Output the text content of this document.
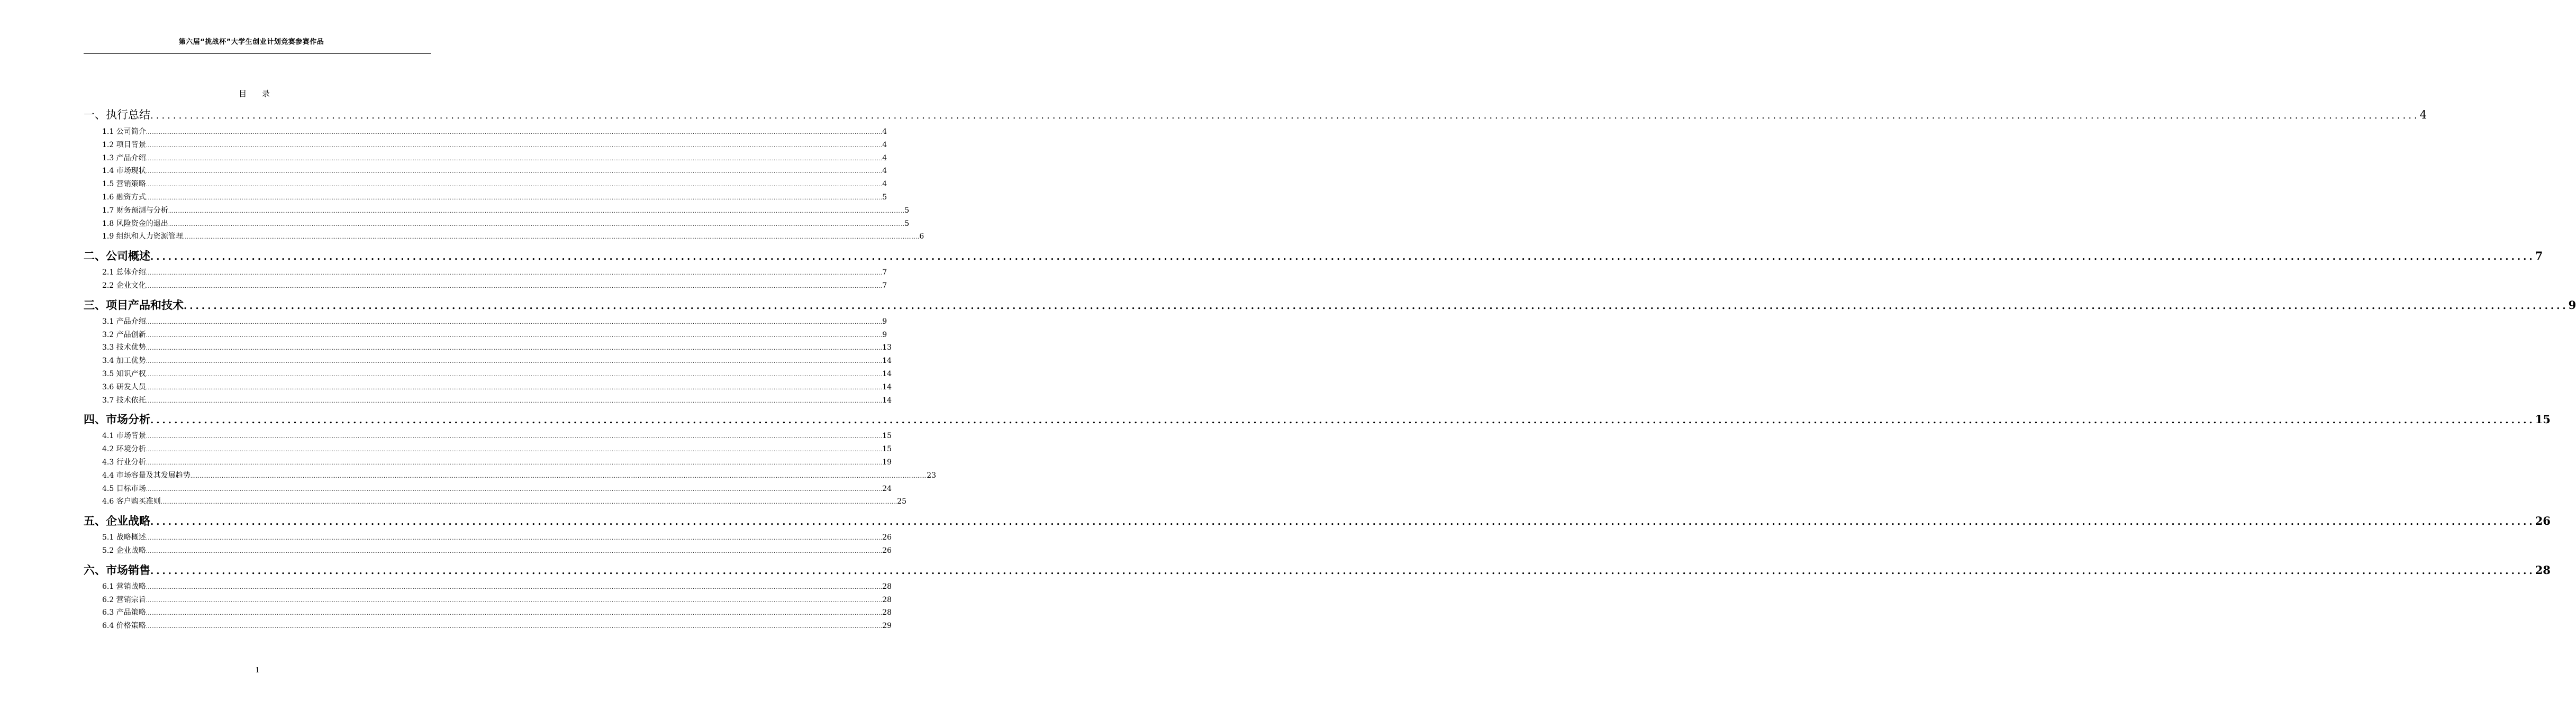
第六届“挑战杯”大学生创业计划竞赛参赛作品
目 录
一、执行总结 ................................................................................................................................................................................................................................................................................................................................................................................................................ 4
1.1 公司简介 ................................................................................................................................................................................................................................................................................................................................................................................................................ 4
1.2 项目背景 ................................................................................................................................................................................................................................................................................................................................................................................................................ 4
1.3 产品介绍 ................................................................................................................................................................................................................................................................................................................................................................................................................ 4
1.4 市场现状 ................................................................................................................................................................................................................................................................................................................................................................................................................ 4
1.5 营销策略 ................................................................................................................................................................................................................................................................................................................................................................................................................ 4
1.6 融资方式 ................................................................................................................................................................................................................................................................................................................................................................................................................ 5
1.7 财务预测与分析 ................................................................................................................................................................................................................................................................................................................................................................................................................ 5
1.8 风险资金的退出 ................................................................................................................................................................................................................................................................................................................................................................................................................ 5
1.9 组织和人力资源管理 ................................................................................................................................................................................................................................................................................................................................................................................................................ 6
二、公司概述 ................................................................................................................................................................................................................................................................................................................................................................................................................ 7
2.1 总体介绍 ................................................................................................................................................................................................................................................................................................................................................................................................................ 7
2.2 企业文化 ................................................................................................................................................................................................................................................................................................................................................................................................................ 7
三、项目产品和技术 ................................................................................................................................................................................................................................................................................................................................................................................................................ 9
3.1 产品介绍 ................................................................................................................................................................................................................................................................................................................................................................................................................ 9
3.2 产品创新 ................................................................................................................................................................................................................................................................................................................................................................................................................ 9
3.3 技术优势 ................................................................................................................................................................................................................................................................................................................................................................................................................ 13
3.4 加工优势 ................................................................................................................................................................................................................................................................................................................................................................................................................ 14
3.5 知识产权 ................................................................................................................................................................................................................................................................................................................................................................................................................ 14
3.6 研发人员 ................................................................................................................................................................................................................................................................................................................................................................................................................ 14
3.7 技术依托 ................................................................................................................................................................................................................................................................................................................................................................................................................ 14
四、市场分析 ................................................................................................................................................................................................................................................................................................................................................................................................................ 15
4.1 市场背景 ................................................................................................................................................................................................................................................................................................................................................................................................................ 15
4.2 环境分析 ................................................................................................................................................................................................................................................................................................................................................................................................................ 15
4.3 行业分析 ................................................................................................................................................................................................................................................................................................................................................................................................................ 19
4.4 市场容量及其发展趋势 ................................................................................................................................................................................................................................................................................................................................................................................................................ 23
4.5 目标市场 ................................................................................................................................................................................................................................................................................................................................................................................................................ 24
4.6 客户购买准则 ................................................................................................................................................................................................................................................................................................................................................................................................................ 25
五、企业战略 ................................................................................................................................................................................................................................................................................................................................................................................................................ 26
5.1 战略概述 ................................................................................................................................................................................................................................................................................................................................................................................................................ 26
5.2 企业战略 ................................................................................................................................................................................................................................................................................................................................................................................................................ 26
六、市场销售 ................................................................................................................................................................................................................................................................................................................................................................................................................ 28
6.1 营销战略 ................................................................................................................................................................................................................................................................................................................................................................................................................ 28
6.2 营销宗旨 ................................................................................................................................................................................................................................................................................................................................................................................................................ 28
6.3 产品策略 ................................................................................................................................................................................................................................................................................................................................................................................................................ 28
6.4 价格策略 ................................................................................................................................................................................................................................................................................................................................................................................................................ 29
1
